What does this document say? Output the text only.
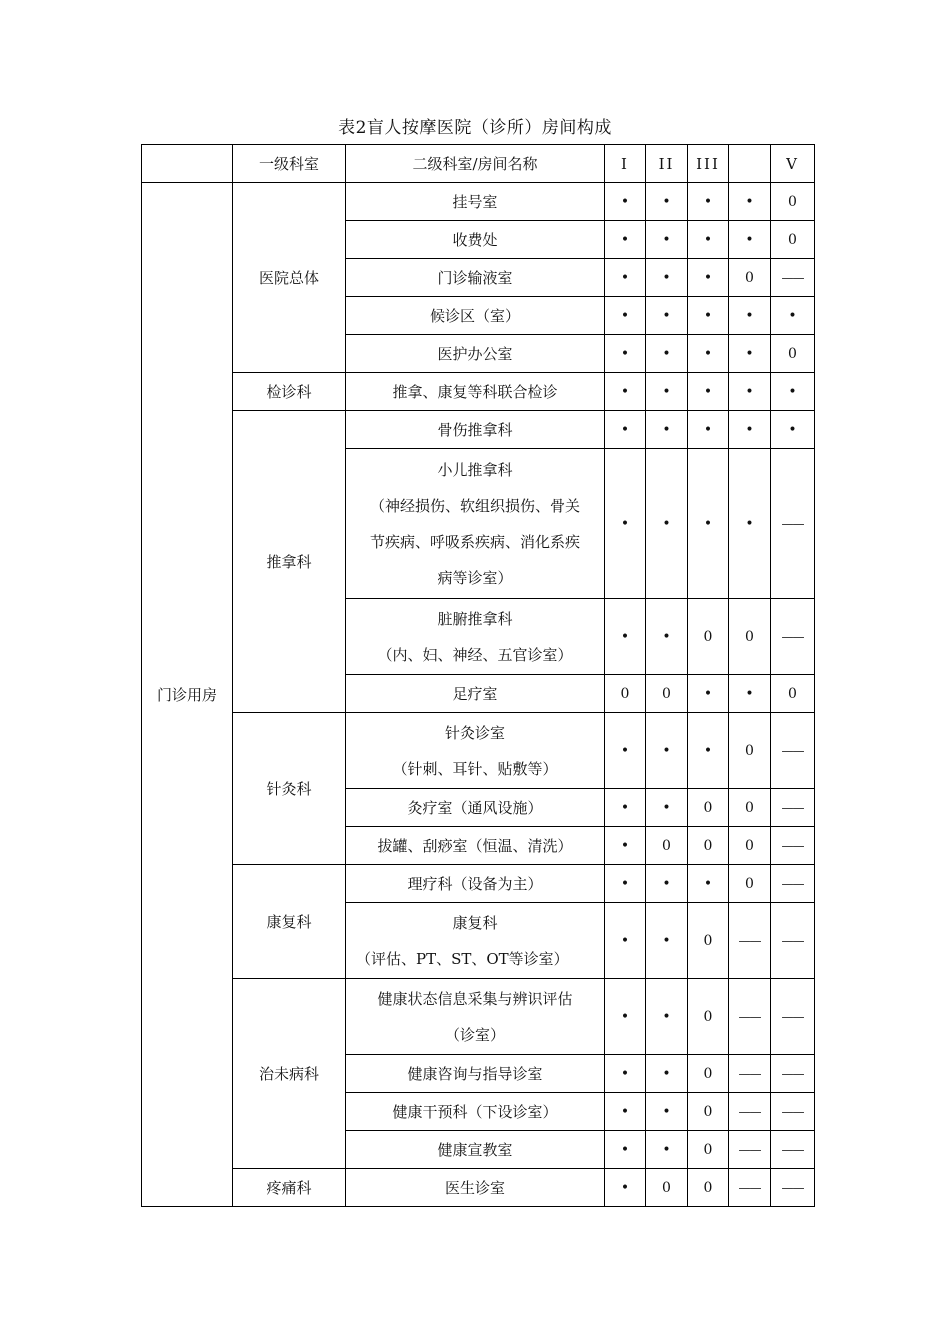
表2盲人按摩医院（诊所）房间构成
	一级科室	二级科室/房间名称	I	II	III		V
门诊用房	医院总体	挂号室	•	•	•	•	0

		收费处	•	•	•	•	0

		门诊输液室	•	•	•	0	——

		候诊区（室）	•	•	•	•	•

		医护办公室	•	•	•	•	0
	检诊科	推拿、康复等科联合检诊	•	•	•	•	•
	推拿科	骨伤推拿科	•	•	•	•	•

		小儿推拿科
（神经损伤、软组织损伤、骨关
节疾病、呼吸系疾病、消化系疾
病等诊室）	•	•	•	•	——

		脏腑推拿科
（内、妇、神经、五官诊室）	•	•	0	0	——

		足疗室	0	0	•	•	0
	针灸科	针灸诊室
（针刺、耳针、贴敷等）	•	•	•	0	——

		灸疗室（通风设施）	•	•	0	0	——

		拔罐、刮痧室（恒温、清洗）	•	0	0	0	——
	康复科	理疗科（设备为主）	•	•	•	0	——

		康复科
（评估、PT、ST、OT等诊室）	•	•	0	——	——
	治未病科	健康状态信息采集与辨识评估
（诊室）	•	•	0	——	——

		健康咨询与指导诊室	•	•	0	——	——

		健康干预科（下设诊室）	•	•	0	——	——

		健康宣教室	•	•	0	——	——
	疼痛科	医生诊室	•	0	0	——	——
